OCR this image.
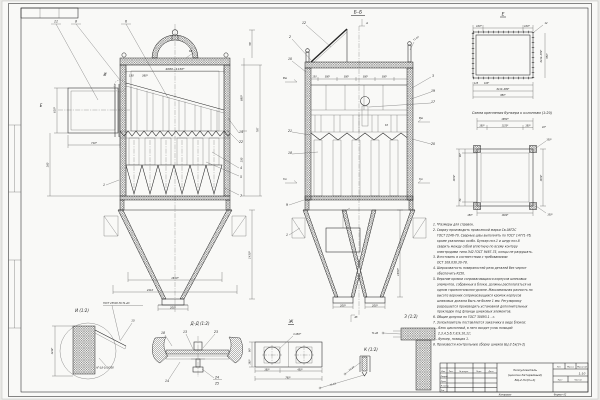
4080~1130*
150	380*
58
680*
150
787
610*
710*
160
1610*
2410
200*
1430*
11	8	6
14
22
4
5
7
1
К2
И
Е
Б–Б
А
Т1-Δ4
150	380*	380*	380*	380*
К3
200*	200*
1650*
Вм
Вм
Гм	Гм
12
2
10
3
19
17
21
20
18
9
1
Ж
Е
100*	100*
12
6410~880* 880*
125	100*
6410~880*
880*
Схема крепления бункера к колоннам (1:20)
1850*
180*	1320*	180*	40*
100*
100*
90*
1650*
80
1650*
180*	1600*
1. *Размеры для справок.
2. Сварку производить проволокой марки Св-08Г2С
ГОСТ 2246-70. Сварные швы выполнять по ГОСТ 14771-76,
кроме указанных особо. Бункер поз.1 и шнур поз.8
сварить между собой вплотную по всему контуру
электродами типа Э42 ГОСТ 9467-75, концы не разрушать.
3. Изготовить в соответствии с требованиями
ОСТ 108.030.30-78.
4. Шероховатость поверхностей реза деталей без чернот
обеспечить Rz50.
5. Верхние кромки соприкасающихся корпусов шнековых
элементов, собранных в блоки, должны располагаться на
одном горизонтальном уровне. Максимальная разность по
высоте верхних соприкасающихся кромок корпусов
шнековых должна быть не более 1 мм. Регулировку
разрешается производить установкой дополнительных
прокладок под фланцы шнековых элементов.
6. Общие допуски по ГОСТ 30893.1 - с.
7. Золоуловитель поставляется заказчику в виде блоков:
– блок циклонный, в него входят узлы позиций
2,3,4,5,6,7,8,9,10,11;
– бункер, позиция 1.
8. Произвести контрольную сборку шнеков БЦ-2-5х(3+2)
И (1:2)
ГОСТ 23518-79-Т1-Δ3
15
АГ-Δ3-100/200
1240*
Д–Д (1:2)
18	13	23
14
24
25
Ж
∅450*
180*	450*
760*
90*
160*
К (1:2)
Т1-Δ3
Т1-Δ3
З (1:2)
Т1-Δ3
Изм.	Лист	№ докум.	Подп.	Дата
Разраб.
Пров.
Н.контр.
Утв.
Золоуловитель
(циклон батарейный)
БЦ-2-5х(3+2)
Лит.	Масса	Масштаб
1:10
Лист	Листов
Копировал	Формат А2
